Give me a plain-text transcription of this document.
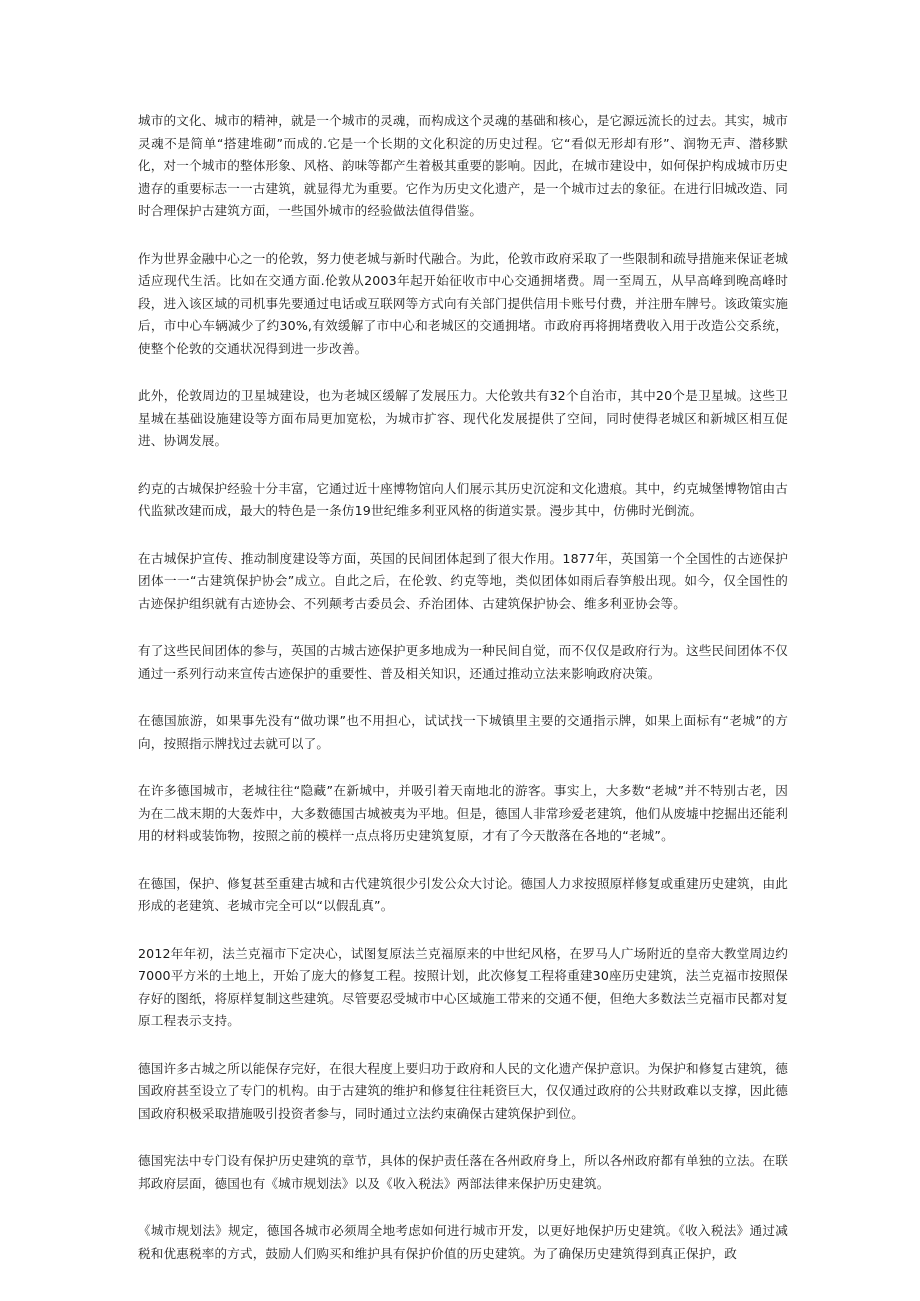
城市的文化、城市的精神，就是一个城市的灵魂，而构成这个灵魂的基础和核心，是它源远流长的过去。其实，城市灵魂不是简单“搭建堆砌”而成的.它是一个长期的文化积淀的历史过程。它“看似无形却有形”、润物无声、潜移默化，对一个城市的整体形象、风格、韵味等都产生着极其重要的影响。因此，在城市建设中，如何保护构成城市历史遗存的重要标志一一古建筑，就显得尤为重要。它作为历史文化遗产，是一个城市过去的象征。在进行旧城改造、同时合理保护古建筑方面，一些国外城市的经验做法值得借鉴。

作为世界金融中心之一的伦敦，努力使老城与新时代融合。为此，伦敦市政府采取了一些限制和疏导措施来保证老城适应现代生活。比如在交通方面.伦敦从2003年起开始征收市中心交通拥堵费。周一至周五，从早高峰到晚高峰时段，进入该区域的司机事先要通过电话或互联网等方式向有关部门提供信用卡账号付费，并注册车牌号。该政策实施后，市中心车辆减少了约30%,有效缓解了市中心和老城区的交通拥堵。市政府再将拥堵费收入用于改造公交系统，使整个伦敦的交通状况得到进一步改善。

此外，伦敦周边的卫星城建设，也为老城区缓解了发展压力。大伦敦共有32个自治市，其中20个是卫星城。这些卫星城在基础设施建设等方面布局更加宽松，为城市扩容、现代化发展提供了空间，同时使得老城区和新城区相互促进、协调发展。

约克的古城保护经验十分丰富，它通过近十座博物馆向人们展示其历史沉淀和文化遗痕。其中，约克城堡博物馆由古代监狱改建而成，最大的特色是一条仿19世纪维多利亚风格的街道实景。漫步其中，仿佛时光倒流。

在古城保护宣传、推动制度建设等方面，英国的民间团体起到了很大作用。1877年，英国第一个全国性的古迹保护团体一一“古建筑保护协会”成立。自此之后，在伦敦、约克等地，类似团体如雨后春笋般出现。如今，仅全国性的古迹保护组织就有古迹协会、不列颠考古委员会、乔治团体、古建筑保护协会、维多利亚协会等。

有了这些民间团体的参与，英国的古城古迹保护更多地成为一种民间自觉，而不仅仅是政府行为。这些民间团体不仅通过一系列行动来宣传古迹保护的重要性、普及相关知识，还通过推动立法来影响政府决策。

在德国旅游，如果事先没有“做功课”也不用担心，试试找一下城镇里主要的交通指示牌，如果上面标有“老城”的方向，按照指示牌找过去就可以了。

在许多德国城市，老城往往“隐藏”在新城中，并吸引着天南地北的游客。事实上，大多数“老城”并不特别古老，因为在二战末期的大轰炸中，大多数德国古城被夷为平地。但是，德国人非常珍爱老建筑，他们从废墟中挖掘出还能利用的材料或装饰物，按照之前的模样一点点将历史建筑复原，才有了今天散落在各地的“老城”。

在德国，保护、修复甚至重建古城和古代建筑很少引发公众大讨论。德国人力求按照原样修复或重建历史建筑，由此形成的老建筑、老城市完全可以“以假乱真”。

2012年年初，法兰克福市下定决心，试图复原法兰克福原来的中世纪风格，在罗马人广场附近的皇帝大教堂周边约7000平方米的土地上，开始了庞大的修复工程。按照计划，此次修复工程将重建30座历史建筑，法兰克福市按照保存好的图纸，将原样复制这些建筑。尽管要忍受城市中心区域施工带来的交通不便，但绝大多数法兰克福市民都对复原工程表示支持。

德国许多古城之所以能保存完好，在很大程度上要归功于政府和人民的文化遗产保护意识。为保护和修复古建筑，德国政府甚至设立了专门的机构。由于古建筑的维护和修复往往耗资巨大，仅仅通过政府的公共财政难以支撑，因此德国政府积极采取措施吸引投资者参与，同时通过立法约束确保古建筑保护到位。

德国宪法中专门设有保护历史建筑的章节，具体的保护责任落在各州政府身上，所以各州政府都有单独的立法。在联邦政府层面，德国也有《城市规划法》以及《收入税法》两部法律来保护历史建筑。

《城市规划法》规定，德国各城市必须周全地考虑如何进行城市开发，以更好地保护历史建筑。《收入税法》通过减税和优惠税率的方式，鼓励人们购买和维护具有保护价值的历史建筑。为了确保历史建筑得到真正保护，政
